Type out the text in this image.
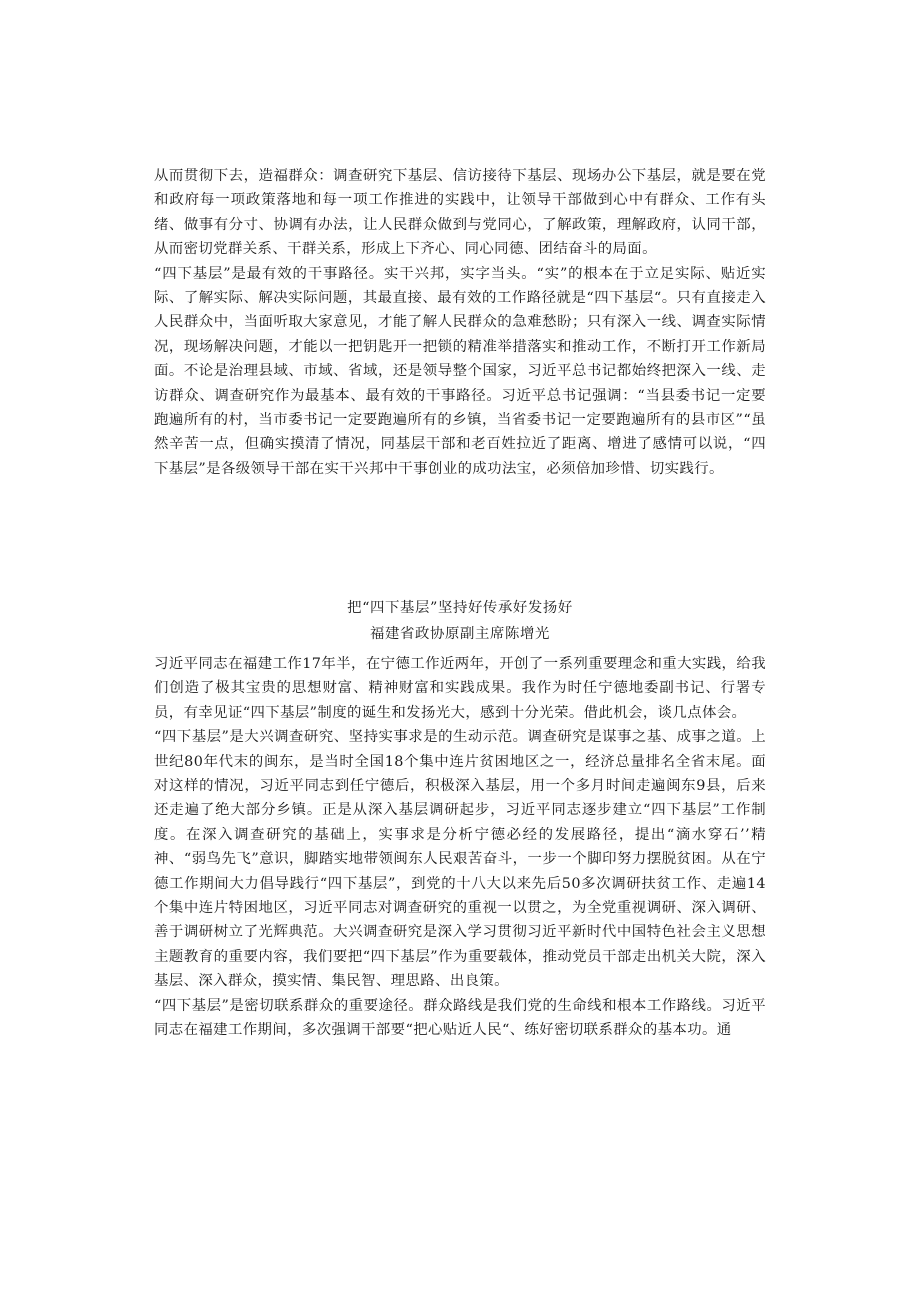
从而贯彻下去，造福群众：调查研究下基层、信访接待下基层、现场办公下基层，就是要在党和政府每一项政策落地和每一项工作推进的实践中，让领导干部做到心中有群众、工作有头绪、做事有分寸、协调有办法，让人民群众做到与党同心，了解政策，理解政府，认同干部，从而密切党群关系、干群关系，形成上下齐心、同心同德、团结奋斗的局面。

“四下基层”是最有效的干事路径。实干兴邦，实字当头。“实”的根本在于立足实际、贴近实际、了解实际、解决实际问题，其最直接、最有效的工作路径就是“四下基层“。只有直接走入人民群众中，当面听取大家意见，才能了解人民群众的急难愁盼；只有深入一线、调查实际情况，现场解决问题，才能以一把钥匙开一把锁的精准举措落实和推动工作，不断打开工作新局面。不论是治理县域、市域、省域，还是领导整个国家，习近平总书记都始终把深入一线、走访群众、调查研究作为最基本、最有效的干事路径。习近平总书记强调：“当县委书记一定要跑遍所有的村，当市委书记一定要跑遍所有的乡镇，当省委书记一定要跑遍所有的县市区”“虽然辛苦一点，但确实摸清了情况，同基层干部和老百姓拉近了距离、增进了感情可以说，“四下基层”是各级领导干部在实干兴邦中干事创业的成功法宝，必须倍加珍惜、切实践行。

把“四下基层”坚持好传承好发扬好

福建省政协原副主席陈增光

习近平同志在福建工作17年半，在宁德工作近两年，开创了一系列重要理念和重大实践，给我们创造了极其宝贵的思想财富、精神财富和实践成果。我作为时任宁德地委副书记、行署专员，有幸见证“四下基层”制度的诞生和发扬光大，感到十分光荣。借此机会，谈几点体会。

“四下基层”是大兴调查研究、坚持实事求是的生动示范。调查研究是谋事之基、成事之道。上世纪80年代末的闽东，是当时全国18个集中连片贫困地区之一，经济总量排名全省末尾。面对这样的情况，习近平同志到任宁德后，积极深入基层，用一个多月时间走遍闽东9县，后来还走遍了绝大部分乡镇。正是从深入基层调研起步，习近平同志逐步建立“四下基层”工作制度。在深入调查研究的基础上，实事求是分析宁德必经的发展路径，提出“滴水穿石’’精神、“弱鸟先飞”意识，脚踏实地带领闽东人民艰苦奋斗，一步一个脚印努力摆脱贫困。从在宁德工作期间大力倡导践行“四下基层”，到党的十八大以来先后50多次调研扶贫工作、走遍14个集中连片特困地区，习近平同志对调查研究的重视一以贯之，为全党重视调研、深入调研、善于调研树立了光辉典范。大兴调查研究是深入学习贯彻习近平新时代中国特色社会主义思想主题教育的重要内容，我们要把“四下基层”作为重要载体，推动党员干部走出机关大院，深入基层、深入群众，摸实情、集民智、理思路、出良策。

“四下基层”是密切联系群众的重要途径。群众路线是我们党的生命线和根本工作路线。习近平同志在福建工作期间，多次强调干部要“把心贴近人民“、练好密切联系群众的基本功。通
